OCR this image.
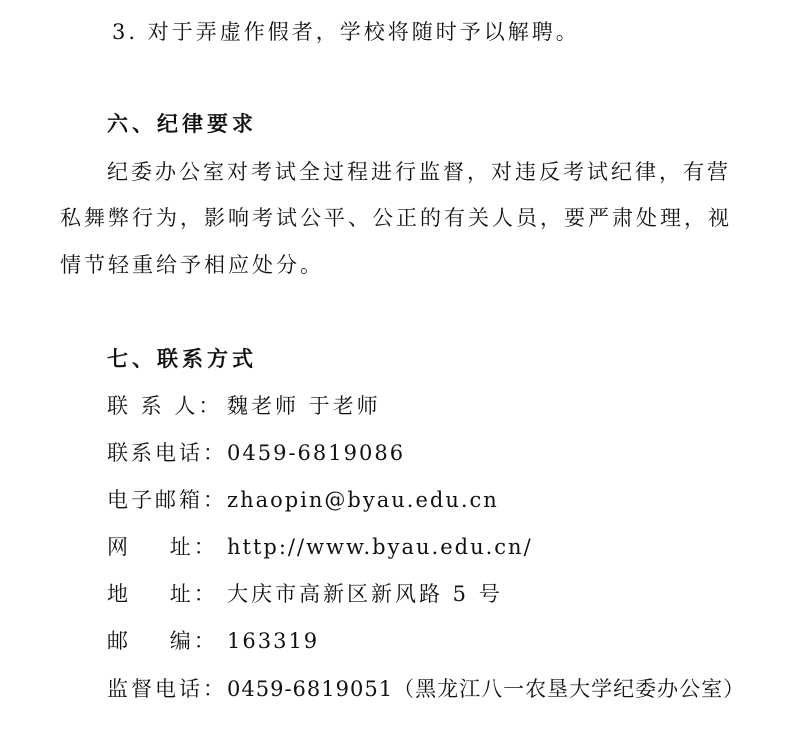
3. 对于弄虚作假者，学校将随时予以解聘。
六、纪律要求
纪委办公室对考试全过程进行监督，对违反考试纪律，有营
私舞弊行为，影响考试公平、公正的有关人员，要严肃处理，视
情节轻重给予相应处分。
七、联系方式
联 系 人： 魏老师 于老师
联系电话：0459-6819086
电子邮箱：zhaopin@byau.edu.cn
网    址： http://www.byau.edu.cn/
地    址： 大庆市高新区新风路 5 号
邮    编： 163319
监督电话：0459-6819051（黑龙江八一农垦大学纪委办公室）
